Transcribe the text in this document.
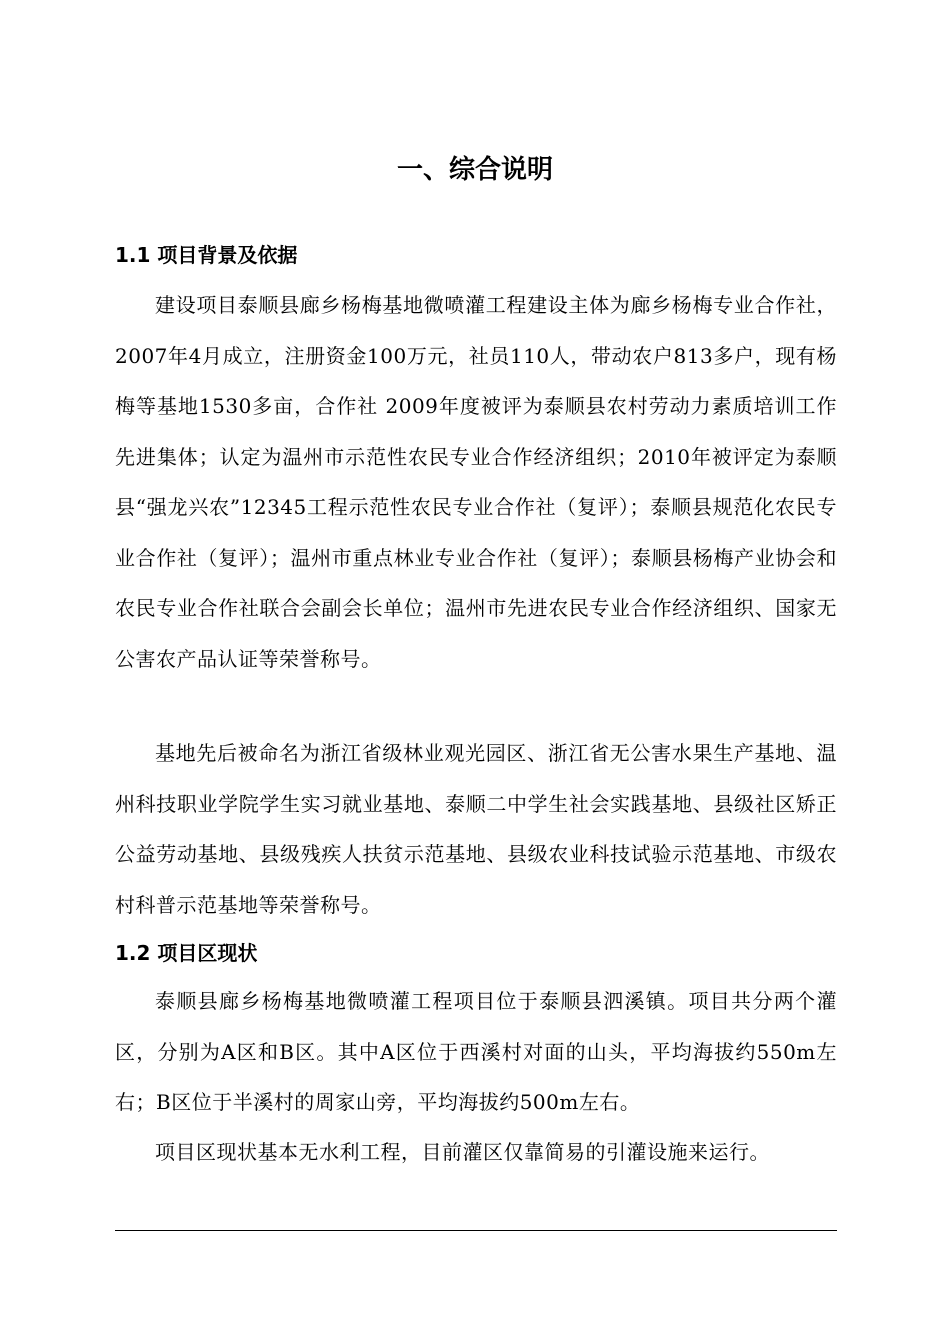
一、综合说明
1.1 项目背景及依据

建设项目泰顺县廊乡杨梅基地微喷灌工程建设主体为廊乡杨梅专业合作社， 2007年4月成立，注册资金100万元，社员110人，带动农户813多户，现有杨梅等基地1530多亩，合作社 2009年度被评为泰顺县农村劳动力素质培训工作先进集体；认定为温州市示范性农民专业合作经济组织；2010年被评定为泰顺县“强龙兴农”12345工程示范性农民专业合作社（复评）；泰顺县规范化农民专业合作社（复评）；温州市重点林业专业合作社（复评）；泰顺县杨梅产业协会和农民专业合作社联合会副会长单位；温州市先进农民专业合作经济组织、国家无公害农产品认证等荣誉称号。

基地先后被命名为浙江省级林业观光园区、浙江省无公害水果生产基地、温州科技职业学院学生实习就业基地、泰顺二中学生社会实践基地、县级社区矫正公益劳动基地、县级残疾人扶贫示范基地、县级农业科技试验示范基地、市级农村科普示范基地等荣誉称号。

1.2 项目区现状

泰顺县廊乡杨梅基地微喷灌工程项目位于泰顺县泗溪镇。项目共分两个灌区，分别为A区和B区。其中A区位于西溪村对面的山头，平均海拔约550m左右；B区位于半溪村的周家山旁，平均海拔约500m左右。

项目区现状基本无水利工程，目前灌区仅靠简易的引灌设施来运行。
